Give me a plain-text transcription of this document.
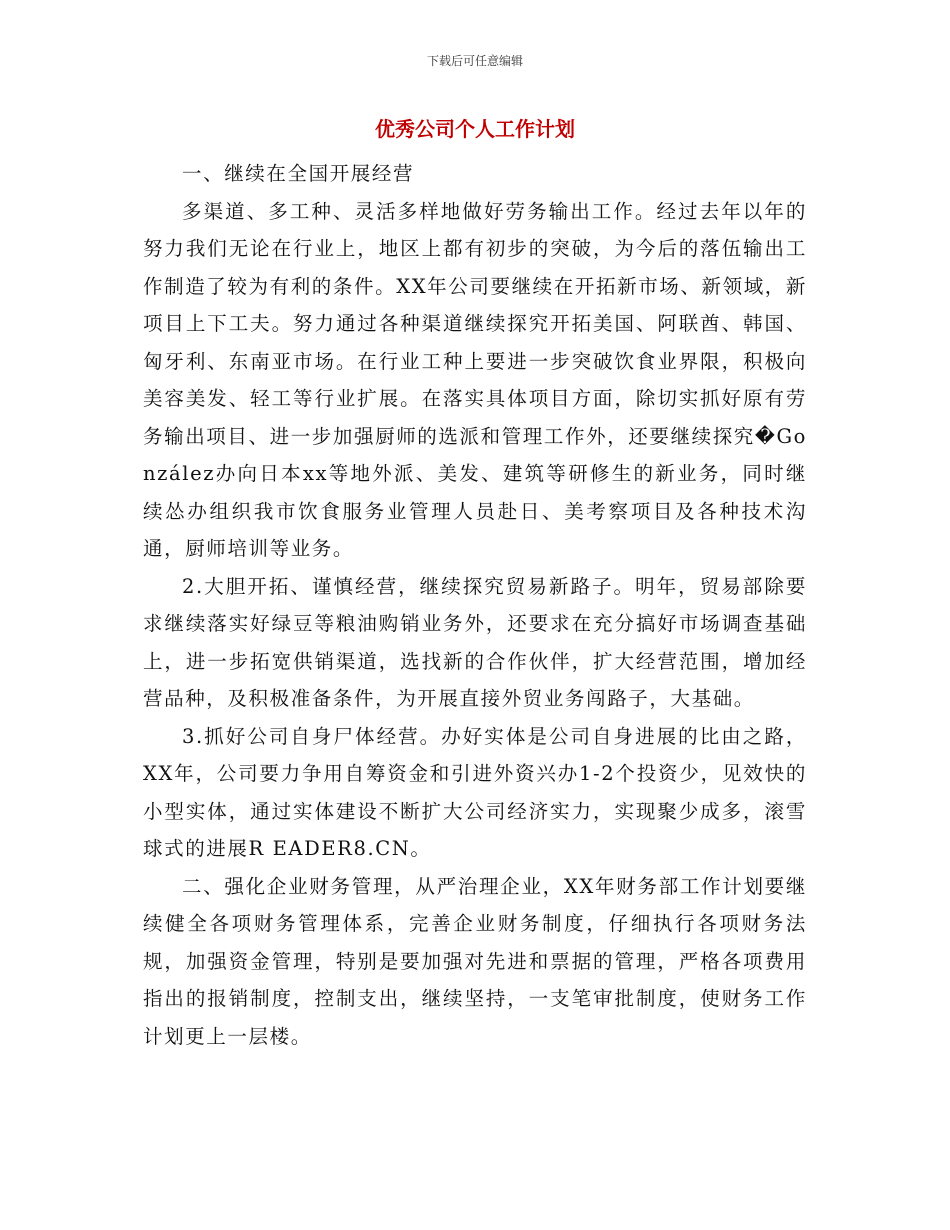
下载后可任意编辑
优秀公司个人工作计划

一、继续在全国开展经营

多渠道、多工种、灵活多样地做好劳务输出工作。经过去年以年的努力我们无论在行业上，地区上都有初步的突破，为今后的落伍输出工作制造了较为有利的条件。XX年公司要继续在开拓新市场、新领域，新项目上下工夫。努力通过各种渠道继续探究开拓美国、阿联酋、韩国、匈牙利、东南亚市场。在行业工种上要进一步突破饮食业界限，积极向美容美发、轻工等行业扩展。在落实具体项目方面，除切实抓好原有劳务输出项目、进一步加强厨师的选派和管理工作外，还要继续探究�González办向日本xx等地外派、美发、建筑等研修生的新业务，同时继续怂办组织我市饮食服务业管理人员赴日、美考察项目及各种技术沟通，厨师培训等业务。

2.大胆开拓、谨慎经营，继续探究贸易新路子。明年，贸易部除要求继续落实好绿豆等粮油购销业务外，还要求在充分搞好市场调查基础上，进一步拓宽供销渠道，选找新的合作伙伴，扩大经营范围，增加经营品种，及积极准备条件，为开展直接外贸业务闯路子，大基础。

3.抓好公司自身尸体经营。办好实体是公司自身进展的比由之路，XX年，公司要力争用自筹资金和引进外资兴办1-2个投资少，见效快的小型实体，通过实体建设不断扩大公司经济实力，实现聚少成多，滚雪球式的进展R EADER8.CN。

二、强化企业财务管理，从严治理企业，XX年财务部工作计划要继续健全各项财务管理体系，完善企业财务制度，仔细执行各项财务法规，加强资金管理，特别是要加强对先进和票据的管理，严格各项费用指出的报销制度，控制支出，继续坚持，一支笔审批制度，使财务工作计划更上一层楼。
